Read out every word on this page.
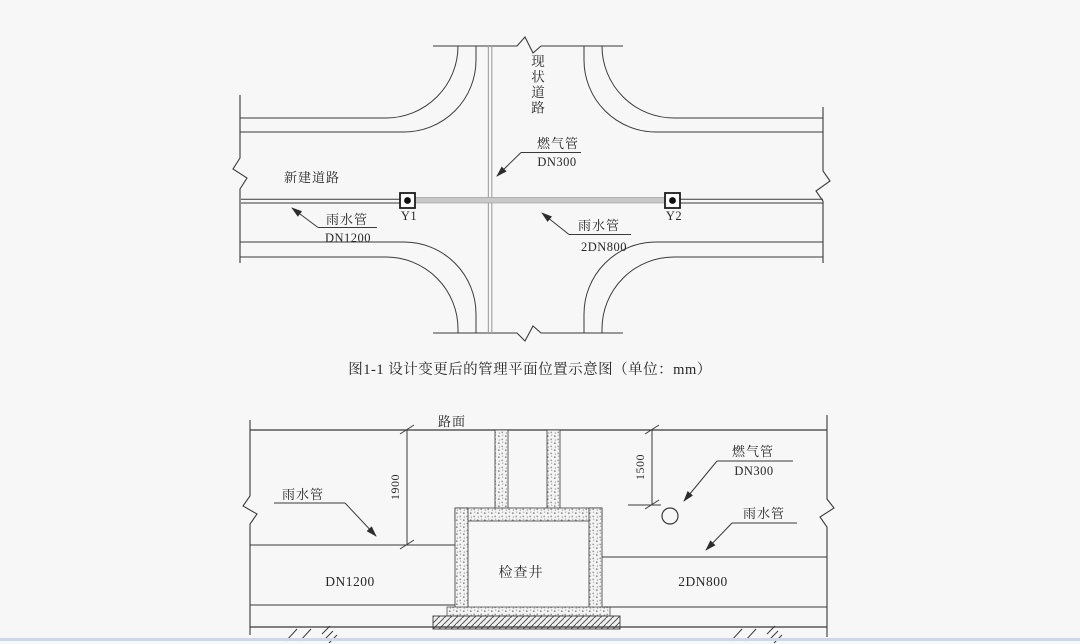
新建道路
雨水管
DN1200
Y1
燃气管
DN300
Y2
雨水管
2DN800
路面
1900
1500
雨水管
燃气管
DN300
雨水管
检查井
DN1200	2DN800
现状道路
图1-1 设计变更后的管理平面位置示意图（单位：mm）
